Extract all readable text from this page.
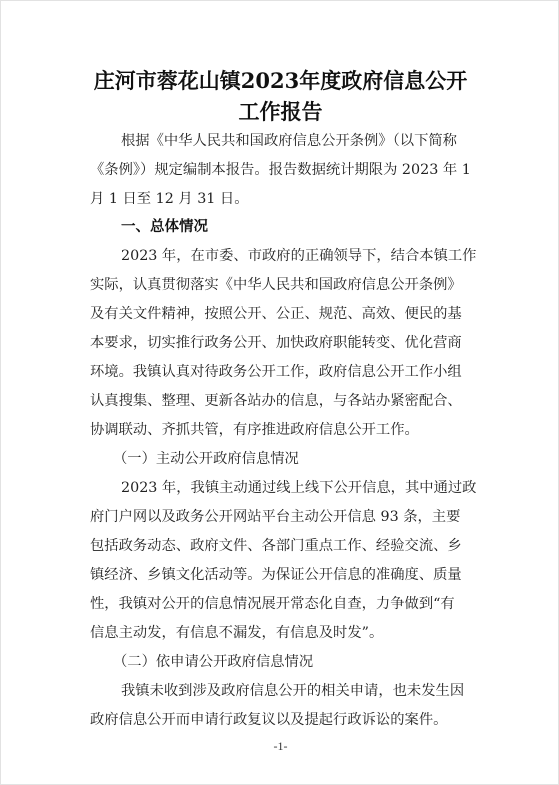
庄河市蓉花山镇2023年度政府信息公开
工作报告
根据《中华人民共和国政府信息公开条例》（以下简称
《条例》）规定编制本报告。报告数据统计期限为 2023 年 1
月 1 日至 12 月 31 日。
一、总体情况
2023 年，在市委、市政府的正确领导下，结合本镇工作
实际，认真贯彻落实《中华人民共和国政府信息公开条例》
及有关文件精神，按照公开、公正、规范、高效、便民的基
本要求，切实推行政务公开、加快政府职能转变、优化营商
环境。我镇认真对待政务公开工作，政府信息公开工作小组
认真搜集、整理、更新各站办的信息，与各站办紧密配合、
协调联动、齐抓共管，有序推进政府信息公开工作。
（一）主动公开政府信息情况
2023 年，我镇主动通过线上线下公开信息，其中通过政
府门户网以及政务公开网站平台主动公开信息 93 条，主要
包括政务动态、政府文件、各部门重点工作、经验交流、乡
镇经济、乡镇文化活动等。为保证公开信息的准确度、质量
性，我镇对公开的信息情况展开常态化自查，力争做到“有
信息主动发，有信息不漏发，有信息及时发”。
（二）依申请公开政府信息情况
我镇未收到涉及政府信息公开的相关申请，也未发生因
政府信息公开而申请行政复议以及提起行政诉讼的案件。
-1-
